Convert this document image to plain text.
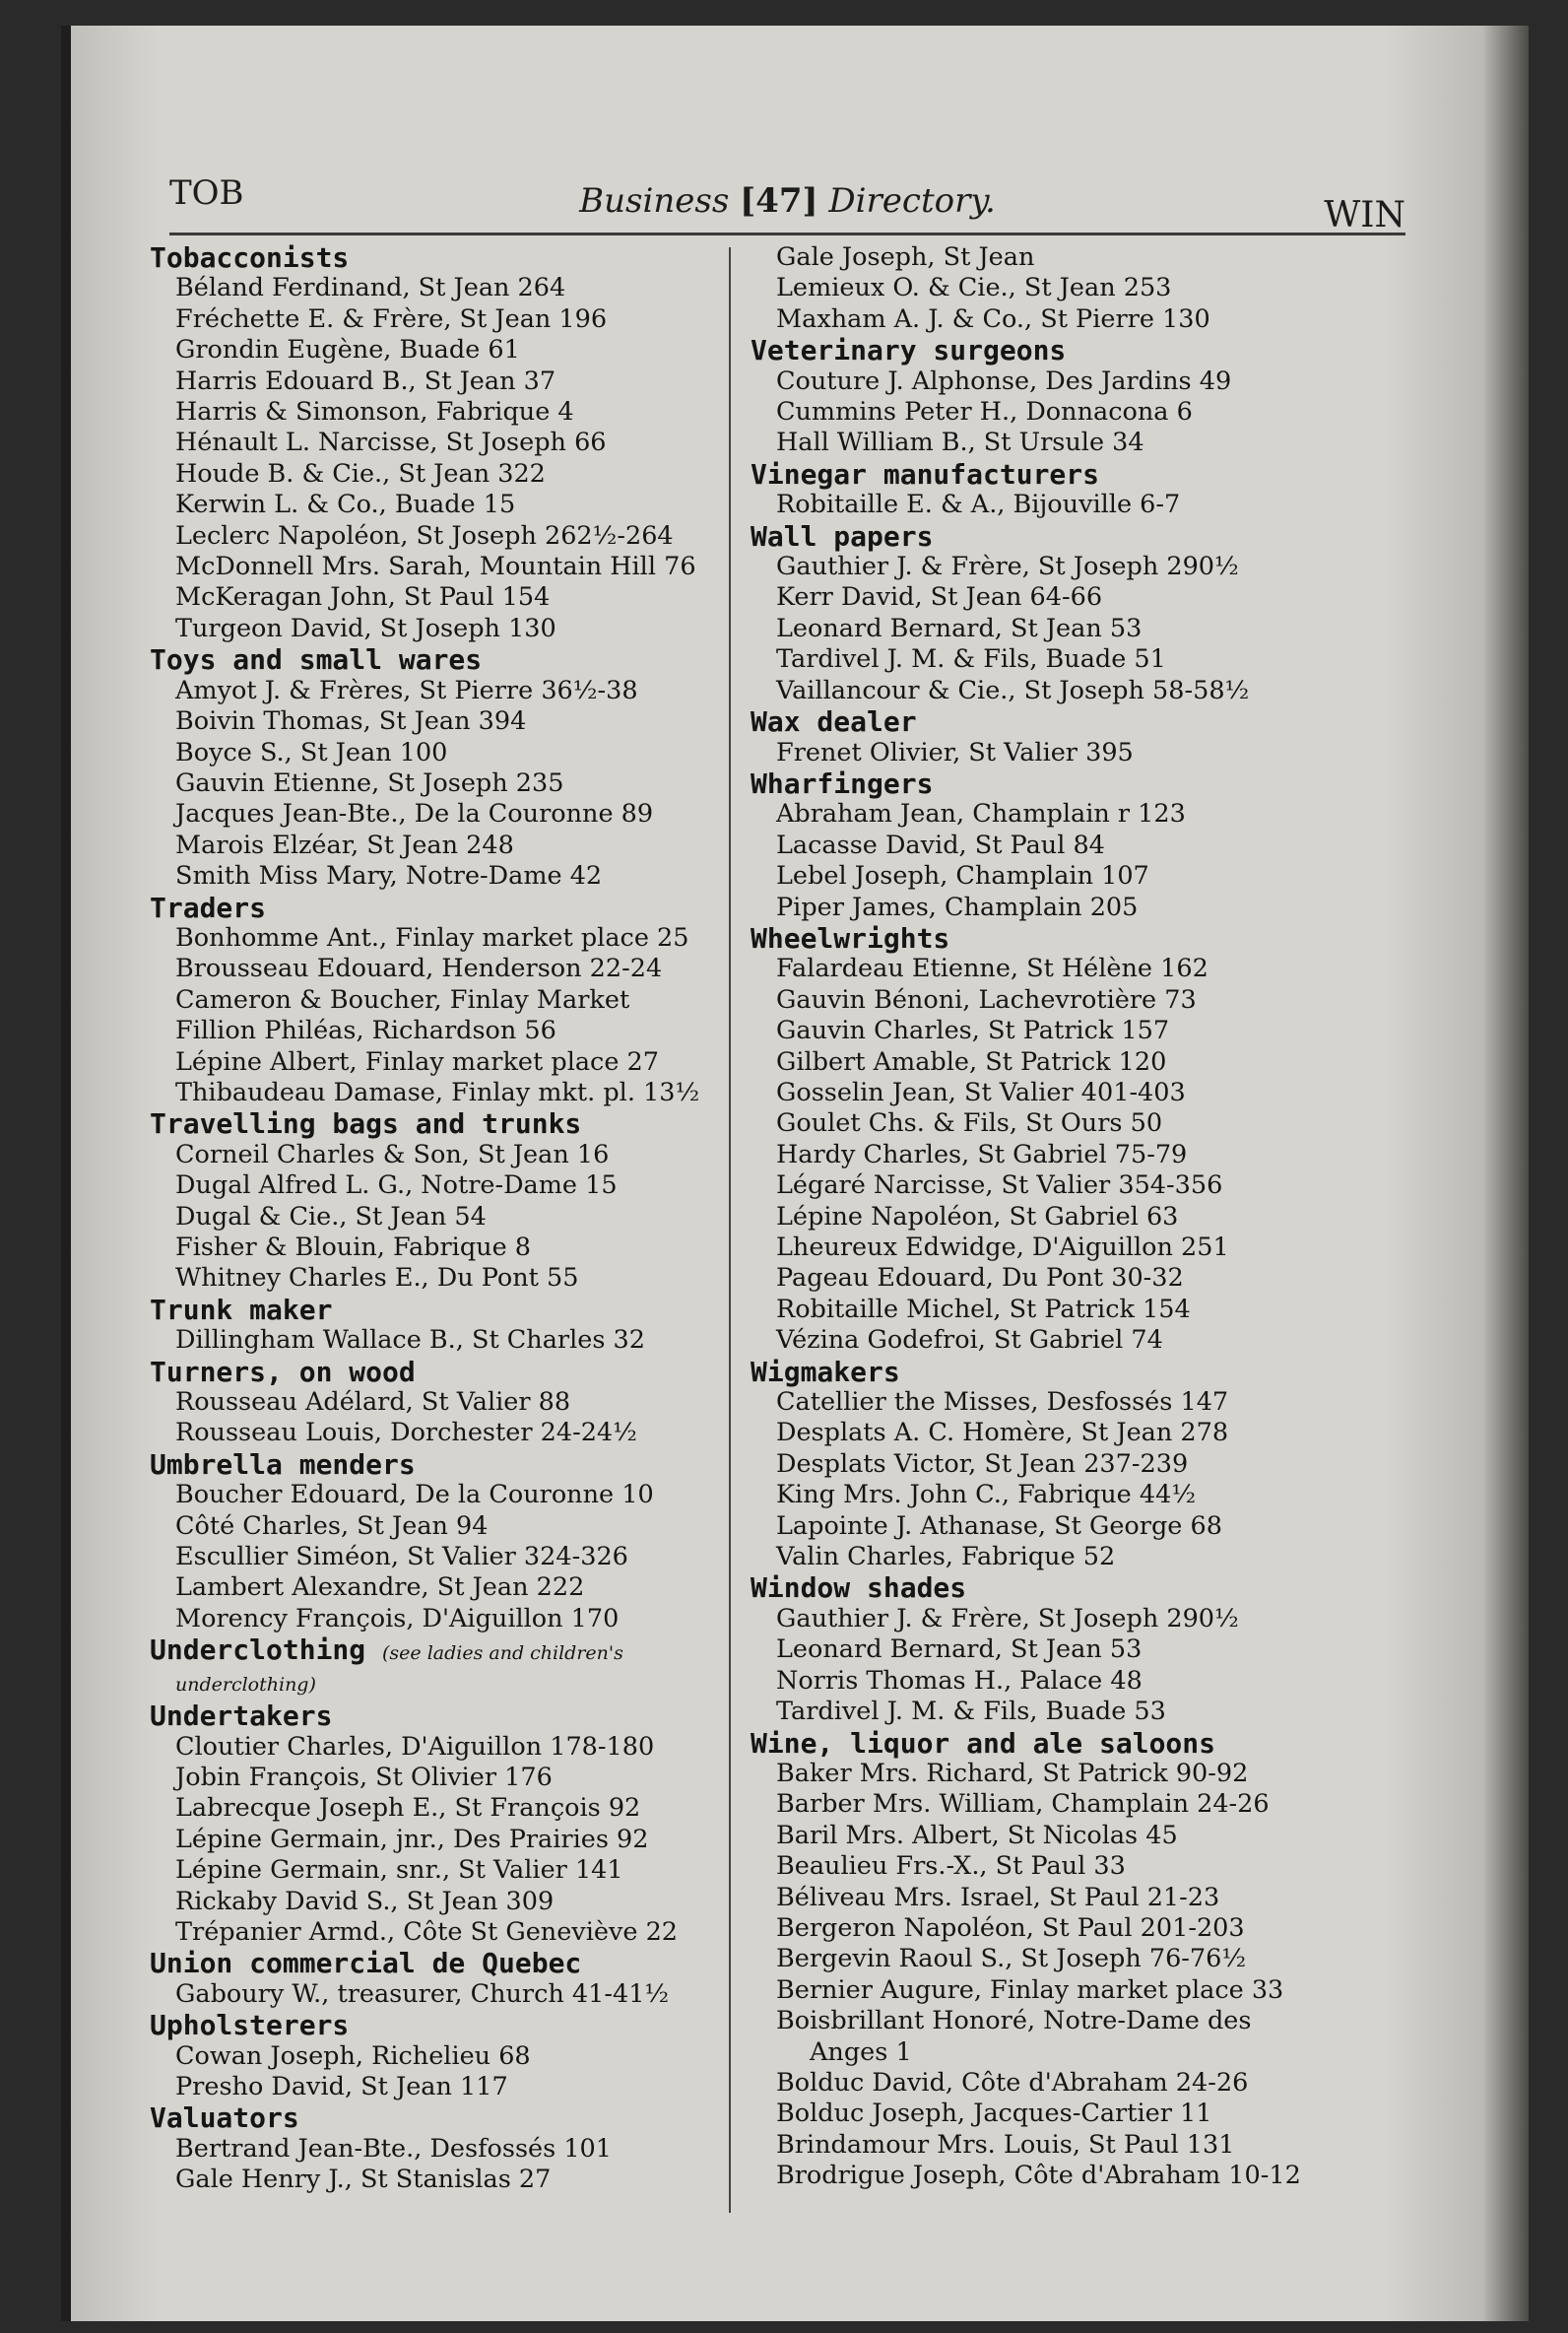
TOB	Business [47] Directory.	WIN
Tobacconists
Béland Ferdinand, St Jean 264
Fréchette E. & Frère, St Jean 196
Grondin Eugène, Buade 61
Harris Edouard B., St Jean 37
Harris & Simonson, Fabrique 4
Hénault L. Narcisse, St Joseph 66
Houde B. & Cie., St Jean 322
Kerwin L. & Co., Buade 15
Leclerc Napoléon, St Joseph 262½-264
McDonnell Mrs. Sarah, Mountain Hill 76
McKeragan John, St Paul 154
Turgeon David, St Joseph 130
Toys and small wares
Amyot J. & Frères, St Pierre 36½-38
Boivin Thomas, St Jean 394
Boyce S., St Jean 100
Gauvin Etienne, St Joseph 235
Jacques Jean-Bte., De la Couronne 89
Marois Elzéar, St Jean 248
Smith Miss Mary, Notre-Dame 42
Traders
Bonhomme Ant., Finlay market place 25
Brousseau Edouard, Henderson 22-24
Cameron & Boucher, Finlay Market
Fillion Philéas, Richardson 56
Lépine Albert, Finlay market place 27
Thibaudeau Damase, Finlay mkt. pl. 13½
Travelling bags and trunks
Corneil Charles & Son, St Jean 16
Dugal Alfred L. G., Notre-Dame 15
Dugal & Cie., St Jean 54
Fisher & Blouin, Fabrique 8
Whitney Charles E., Du Pont 55
Trunk maker
Dillingham Wallace B., St Charles 32
Turners, on wood
Rousseau Adélard, St Valier 88
Rousseau Louis, Dorchester 24-24½
Umbrella menders
Boucher Edouard, De la Couronne 10
Côté Charles, St Jean 94
Escullier Siméon, St Valier 324-326
Lambert Alexandre, St Jean 222
Morency François, D'Aiguillon 170
Underclothing (see ladies and children's
underclothing)
Undertakers
Cloutier Charles, D'Aiguillon 178-180
Jobin François, St Olivier 176
Labrecque Joseph E., St François 92
Lépine Germain, jnr., Des Prairies 92
Lépine Germain, snr., St Valier 141
Rickaby David S., St Jean 309
Trépanier Armd., Côte St Geneviève 22
Union commercial de Quebec
Gaboury W., treasurer, Church 41-41½
Upholsterers
Cowan Joseph, Richelieu 68
Presho David, St Jean 117
Valuators
Bertrand Jean-Bte., Desfossés 101
Gale Henry J., St Stanislas 27
Gale Joseph, St Jean
Lemieux O. & Cie., St Jean 253
Maxham A. J. & Co., St Pierre 130
Veterinary surgeons
Couture J. Alphonse, Des Jardins 49
Cummins Peter H., Donnacona 6
Hall William B., St Ursule 34
Vinegar manufacturers
Robitaille E. & A., Bijouville 6-7
Wall papers
Gauthier J. & Frère, St Joseph 290½
Kerr David, St Jean 64-66
Leonard Bernard, St Jean 53
Tardivel J. M. & Fils, Buade 51
Vaillancour & Cie., St Joseph 58-58½
Wax dealer
Frenet Olivier, St Valier 395
Wharfingers
Abraham Jean, Champlain r 123
Lacasse David, St Paul 84
Lebel Joseph, Champlain 107
Piper James, Champlain 205
Wheelwrights
Falardeau Etienne, St Hélène 162
Gauvin Bénoni, Lachevrotière 73
Gauvin Charles, St Patrick 157
Gilbert Amable, St Patrick 120
Gosselin Jean, St Valier 401-403
Goulet Chs. & Fils, St Ours 50
Hardy Charles, St Gabriel 75-79
Légaré Narcisse, St Valier 354-356
Lépine Napoléon, St Gabriel 63
Lheureux Edwidge, D'Aiguillon 251
Pageau Edouard, Du Pont 30-32
Robitaille Michel, St Patrick 154
Vézina Godefroi, St Gabriel 74
Wigmakers
Catellier the Misses, Desfossés 147
Desplats A. C. Homère, St Jean 278
Desplats Victor, St Jean 237-239
King Mrs. John C., Fabrique 44½
Lapointe J. Athanase, St George 68
Valin Charles, Fabrique 52
Window shades
Gauthier J. & Frère, St Joseph 290½
Leonard Bernard, St Jean 53
Norris Thomas H., Palace 48
Tardivel J. M. & Fils, Buade 53
Wine, liquor and ale saloons
Baker Mrs. Richard, St Patrick 90-92
Barber Mrs. William, Champlain 24-26
Baril Mrs. Albert, St Nicolas 45
Beaulieu Frs.-X., St Paul 33
Béliveau Mrs. Israel, St Paul 21-23
Bergeron Napoléon, St Paul 201-203
Bergevin Raoul S., St Joseph 76-76½
Bernier Augure, Finlay market place 33
Boisbrillant Honoré, Notre-Dame des
Anges 1
Bolduc David, Côte d'Abraham 24-26
Bolduc Joseph, Jacques-Cartier 11
Brindamour Mrs. Louis, St Paul 131
Brodrigue Joseph, Côte d'Abraham 10-12
